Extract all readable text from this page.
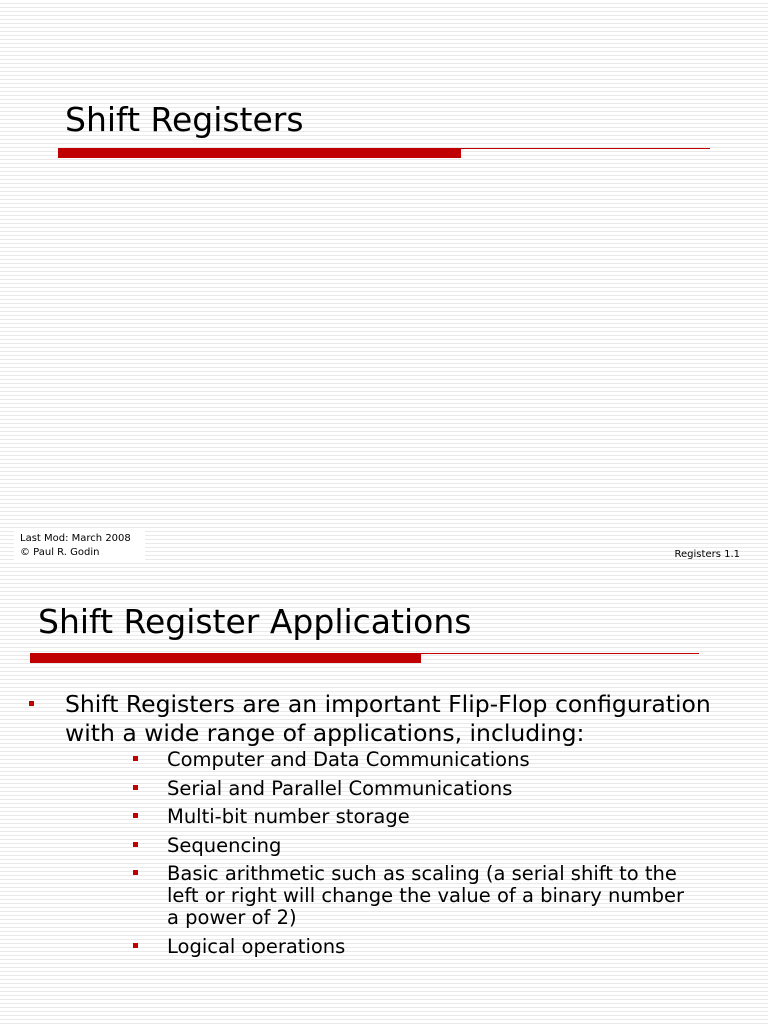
Shift Registers
Last Mod: March 2008
© Paul R. Godin	Registers 1.1
Shift Register Applications
Shift Registers are an important Flip-Flop configuration with a wide range of applications, including:
Computer and Data Communications
Serial and Parallel Communications
Multi-bit number storage
Sequencing
Basic arithmetic such as scaling (a serial shift to the left or right will change the value of a binary number a power of 2)
Logical operations
